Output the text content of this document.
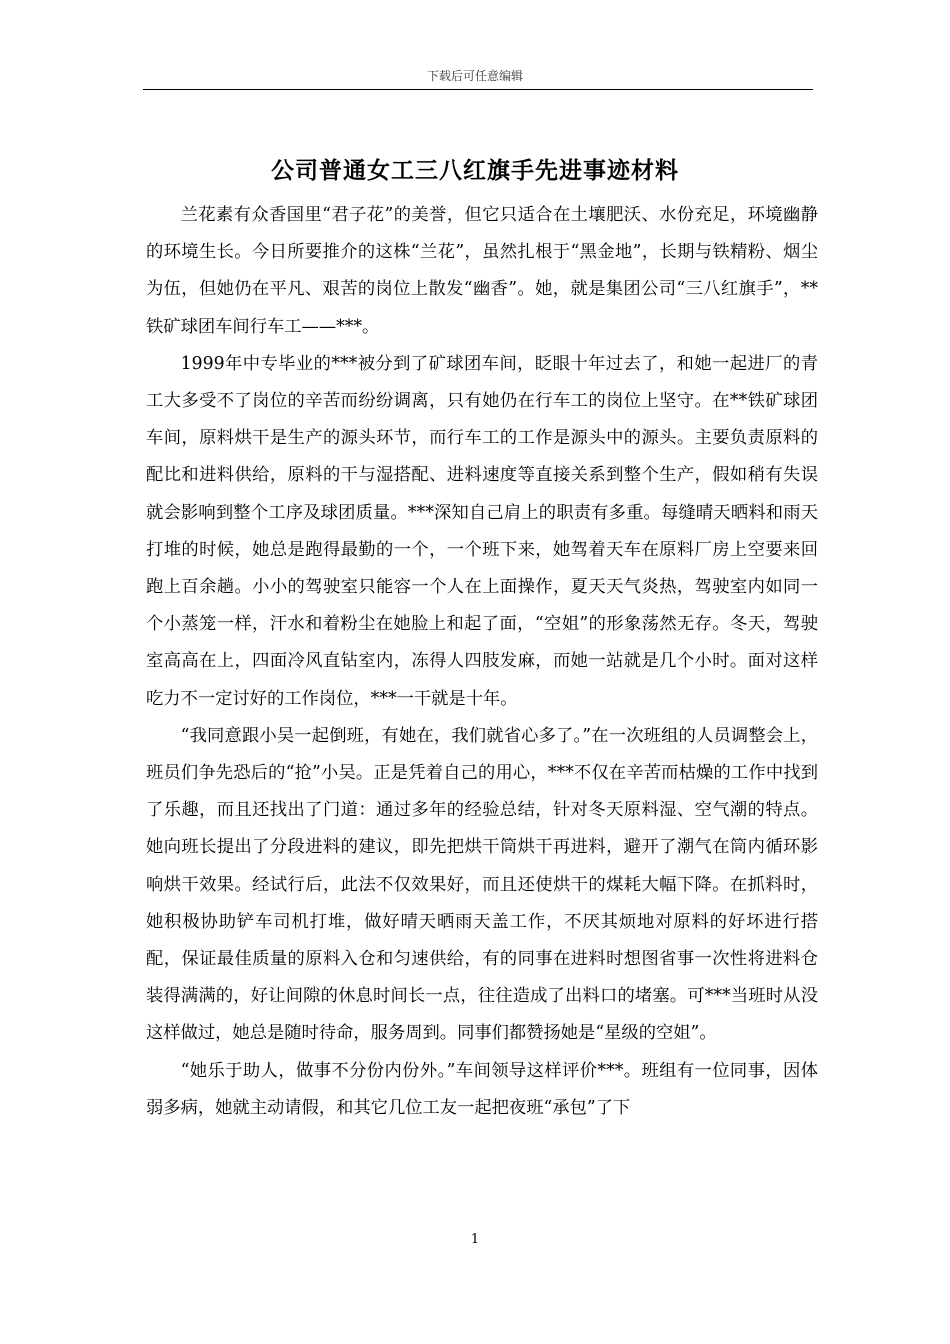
下载后可任意编辑
公司普通女工三八红旗手先进事迹材料

兰花素有众香国里“君子花”的美誉，但它只适合在土壤肥沃、水份充足，环境幽静的环境生长。今日所要推介的这株“兰花”，虽然扎根于“黑金地”，长期与铁精粉、烟尘为伍，但她仍在平凡、艰苦的岗位上散发“幽香”。她，就是集团公司“三八红旗手”，**铁矿球团车间行车工——***。

1999年中专毕业的***被分到了矿球团车间，眨眼十年过去了，和她一起进厂的青工大多受不了岗位的辛苦而纷纷调离，只有她仍在行车工的岗位上坚守。在**铁矿球团车间，原料烘干是生产的源头环节，而行车工的工作是源头中的源头。主要负责原料的配比和进料供给，原料的干与湿搭配、进料速度等直接关系到整个生产，假如稍有失误就会影响到整个工序及球团质量。***深知自己肩上的职责有多重。每缝晴天晒料和雨天打堆的时候，她总是跑得最勤的一个，一个班下来，她驾着天车在原料厂房上空要来回跑上百余趟。小小的驾驶室只能容一个人在上面操作，夏天天气炎热，驾驶室内如同一个小蒸笼一样，汗水和着粉尘在她脸上和起了面，“空姐”的形象荡然无存。冬天，驾驶室高高在上，四面冷风直钻室内，冻得人四肢发麻，而她一站就是几个小时。面对这样吃力不一定讨好的工作岗位，***一干就是十年。

“我同意跟小吴一起倒班，有她在，我们就省心多了。”在一次班组的人员调整会上，班员们争先恐后的“抢”小吴。正是凭着自己的用心，***不仅在辛苦而枯燥的工作中找到了乐趣，而且还找出了门道：通过多年的经验总结，针对冬天原料湿、空气潮的特点。她向班长提出了分段进料的建议，即先把烘干筒烘干再进料，避开了潮气在筒内循环影响烘干效果。经试行后，此法不仅效果好，而且还使烘干的煤耗大幅下降。在抓料时，她积极协助铲车司机打堆，做好晴天晒雨天盖工作，不厌其烦地对原料的好坏进行搭配，保证最佳质量的原料入仓和匀速供给，有的同事在进料时想图省事一次性将进料仓装得满满的，好让间隙的休息时间长一点，往往造成了出料口的堵塞。可***当班时从没这样做过，她总是随时待命，服务周到。同事们都赞扬她是“星级的空姐”。

“她乐于助人，做事不分份内份外。”车间领导这样评价***。班组有一位同事，因体弱多病，她就主动请假，和其它几位工友一起把夜班“承包”了下

1
